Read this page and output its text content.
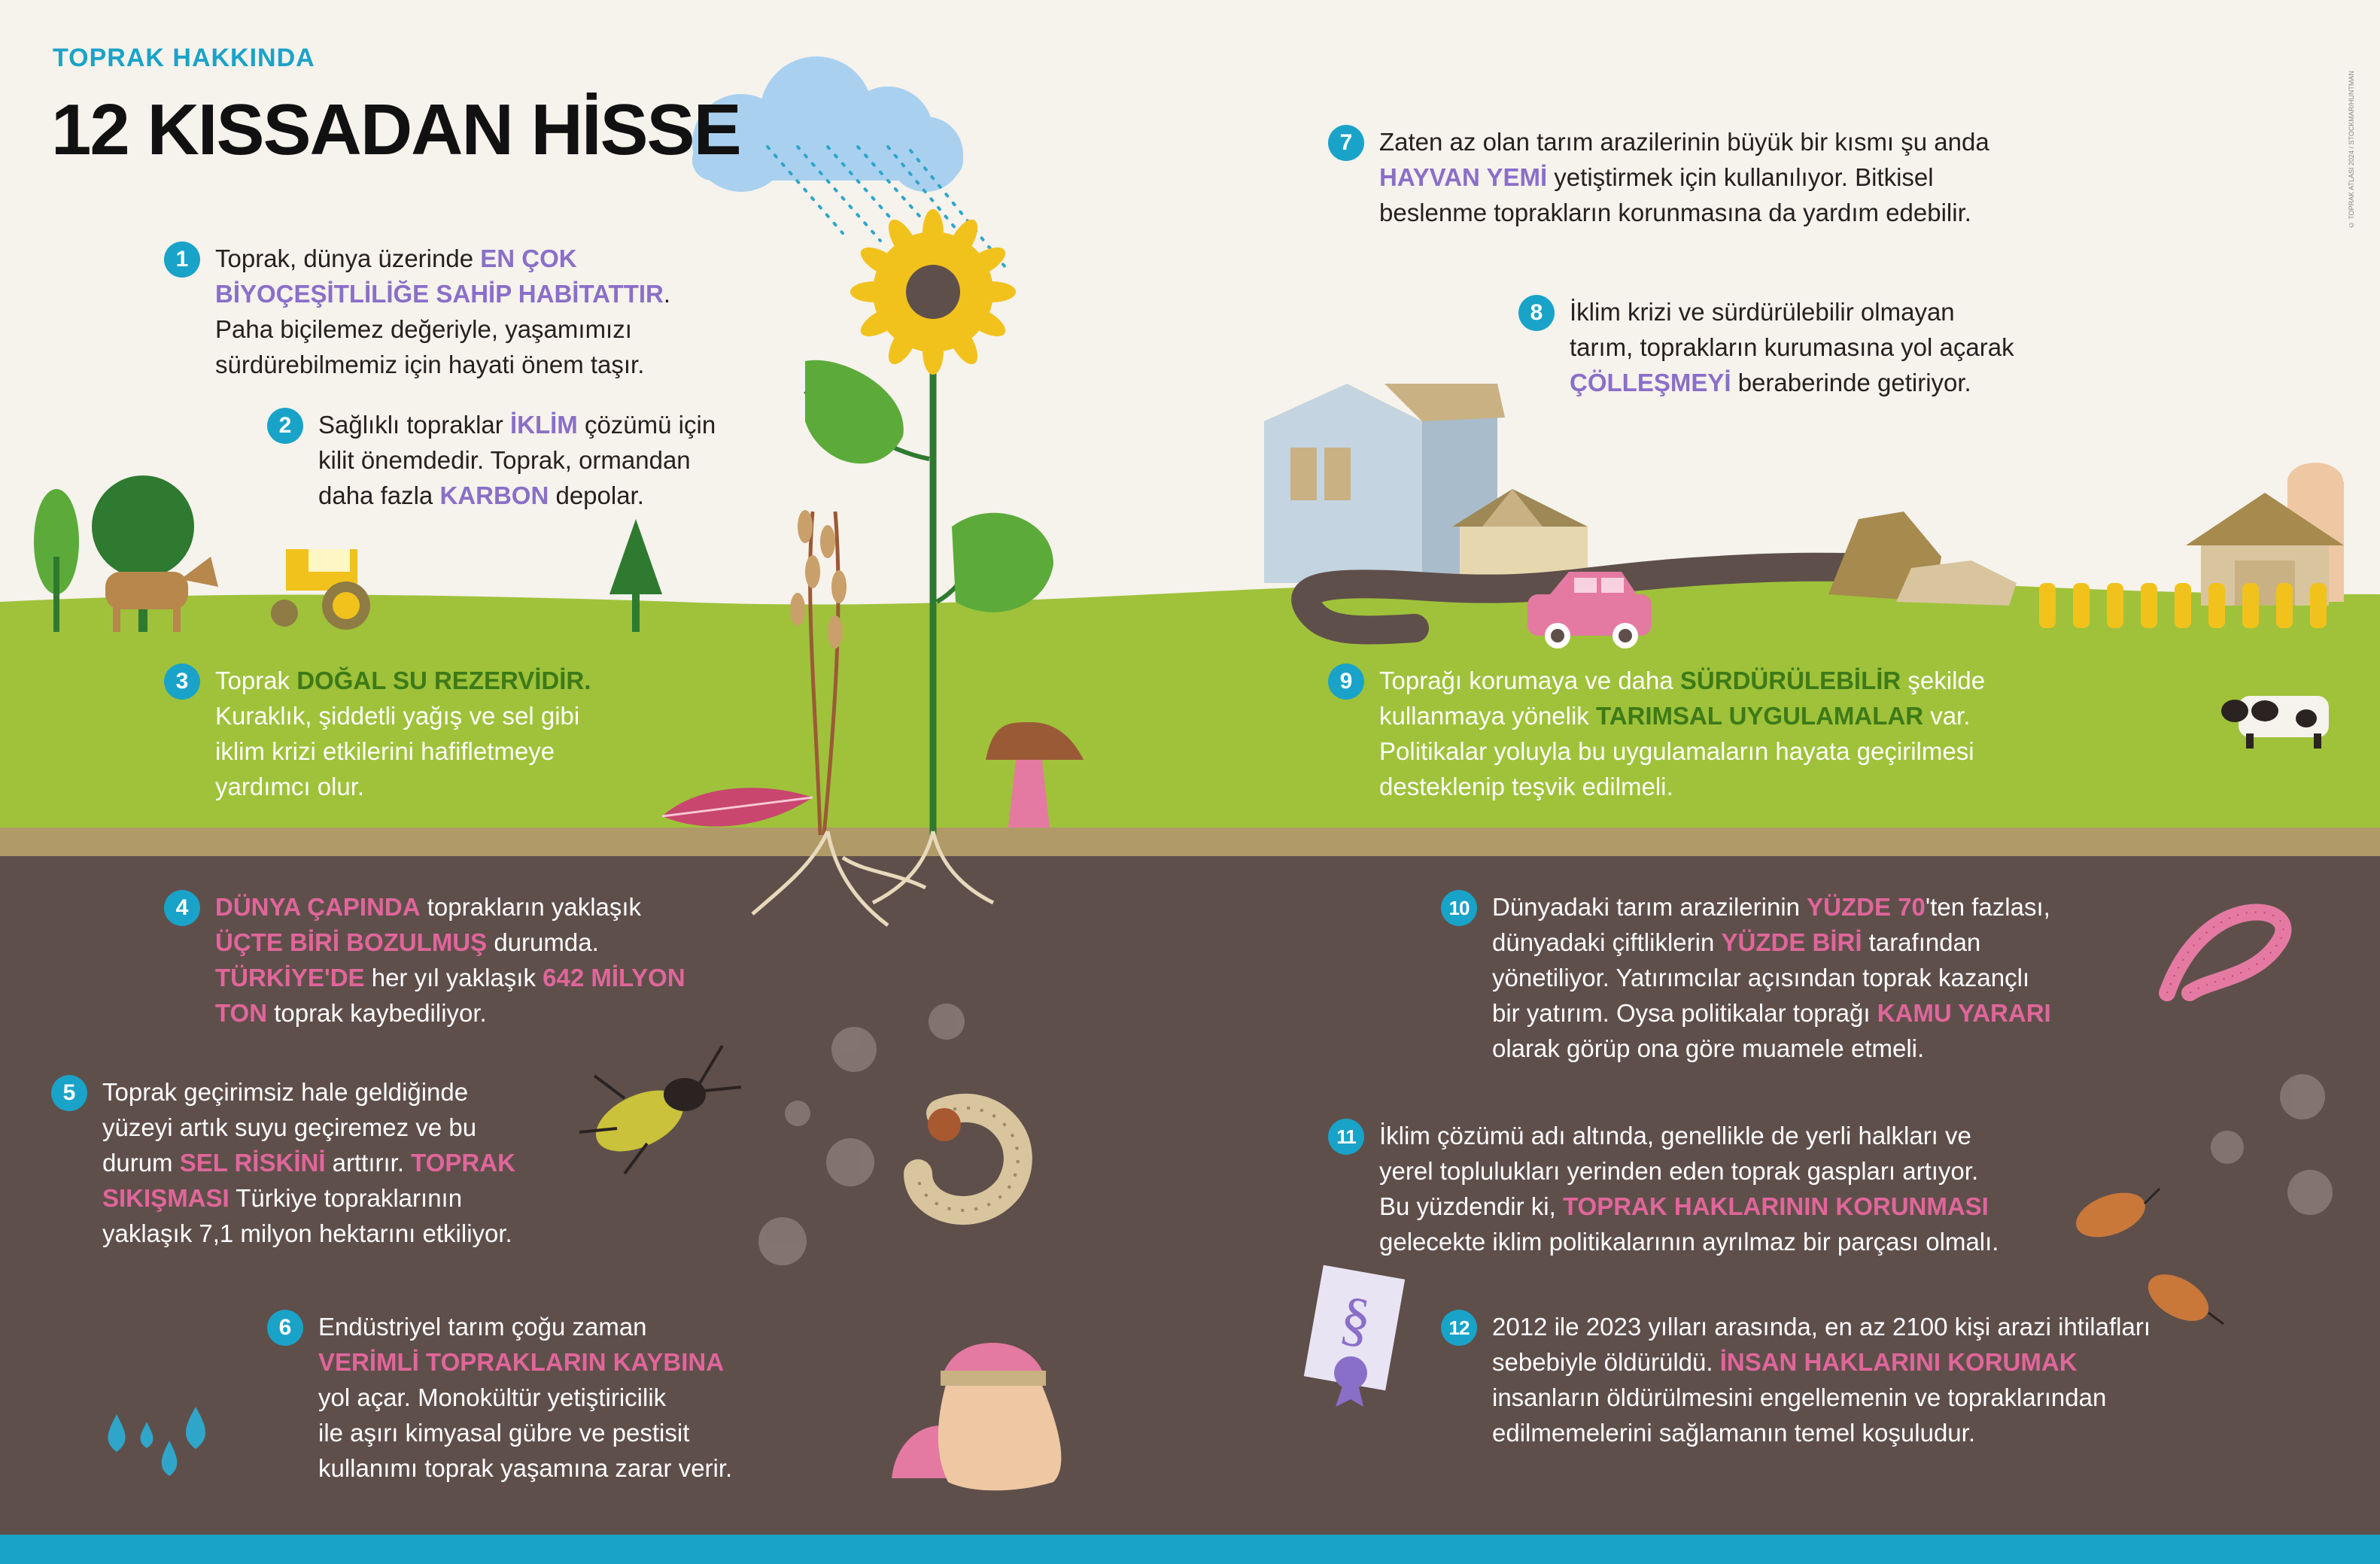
§
TOPRAK HAKKINDA
12 KISSADAN HİSSE	© TOPRAK ATLASI 2024 / STOCKMAR/HUNTMAN
1	Toprak, dünya üzerinde EN ÇOK
BİYOÇEŞİTLİLİĞE SAHİP HABİTATTIR.
Paha biçilemez değeriyle, yaşamımızı
sürdürebilmemiz için hayati önem taşır.
2	Sağlıklı topraklar İKLİM çözümü için
kilit önemdedir. Toprak, ormandan
daha fazla KARBON depolar.
3	Toprak DOĞAL SU REZERVİDİR.
Kuraklık, şiddetli yağış ve sel gibi
iklim krizi etkilerini hafifletmeye
yardımcı olur.
4	DÜNYA ÇAPINDA toprakların yaklaşık
ÜÇTE BİRİ BOZULMUŞ durumda.
TÜRKİYE'DE her yıl yaklaşık 642 MİLYON
TON toprak kaybediliyor.
5	Toprak geçirimsiz hale geldiğinde
yüzeyi artık suyu geçiremez ve bu
durum SEL RİSKİNİ arttırır. TOPRAK
SIKIŞMASI Türkiye topraklarının
yaklaşık 7,1 milyon hektarını etkiliyor.
6	Endüstriyel tarım çoğu zaman
VERİMLİ TOPRAKLARIN KAYBINA
yol açar. Monokültür yetiştiricilik
ile aşırı kimyasal gübre ve pestisit
kullanımı toprak yaşamına zarar verir.
7	Zaten az olan tarım arazilerinin büyük bir kısmı şu anda
HAYVAN YEMİ yetiştirmek için kullanılıyor. Bitkisel
beslenme toprakların korunmasına da yardım edebilir.
8	İklim krizi ve sürdürülebilir olmayan
tarım, toprakların kurumasına yol açarak
ÇÖLLEŞMEYİ beraberinde getiriyor.
9	Toprağı korumaya ve daha SÜRDÜRÜLEBİLİR şekilde
kullanmaya yönelik TARIMSAL UYGULAMALAR var.
Politikalar yoluyla bu uygulamaların hayata geçirilmesi
desteklenip teşvik edilmeli.
10 Dünyadaki tarım arazilerinin YÜZDE 70'ten fazlası,
dünyadaki çiftliklerin YÜZDE BİRİ tarafından
yönetiliyor. Yatırımcılar açısından toprak kazançlı
bir yatırım. Oysa politikalar toprağı KAMU YARARI
olarak görüp ona göre muamele etmeli.
11 İklim çözümü adı altında, genellikle de yerli halkları ve
yerel toplulukları yerinden eden toprak gaspları artıyor.
Bu yüzdendir ki, TOPRAK HAKLARININ KORUNMASI
gelecekte iklim politikalarının ayrılmaz bir parçası olmalı.
12 2012 ile 2023 yılları arasında, en az 2100 kişi arazi ihtilafları
sebebiyle öldürüldü. İNSAN HAKLARINI KORUMAK
insanların öldürülmesini engellemenin ve topraklarından
edilmemelerini sağlamanın temel koşuludur.
